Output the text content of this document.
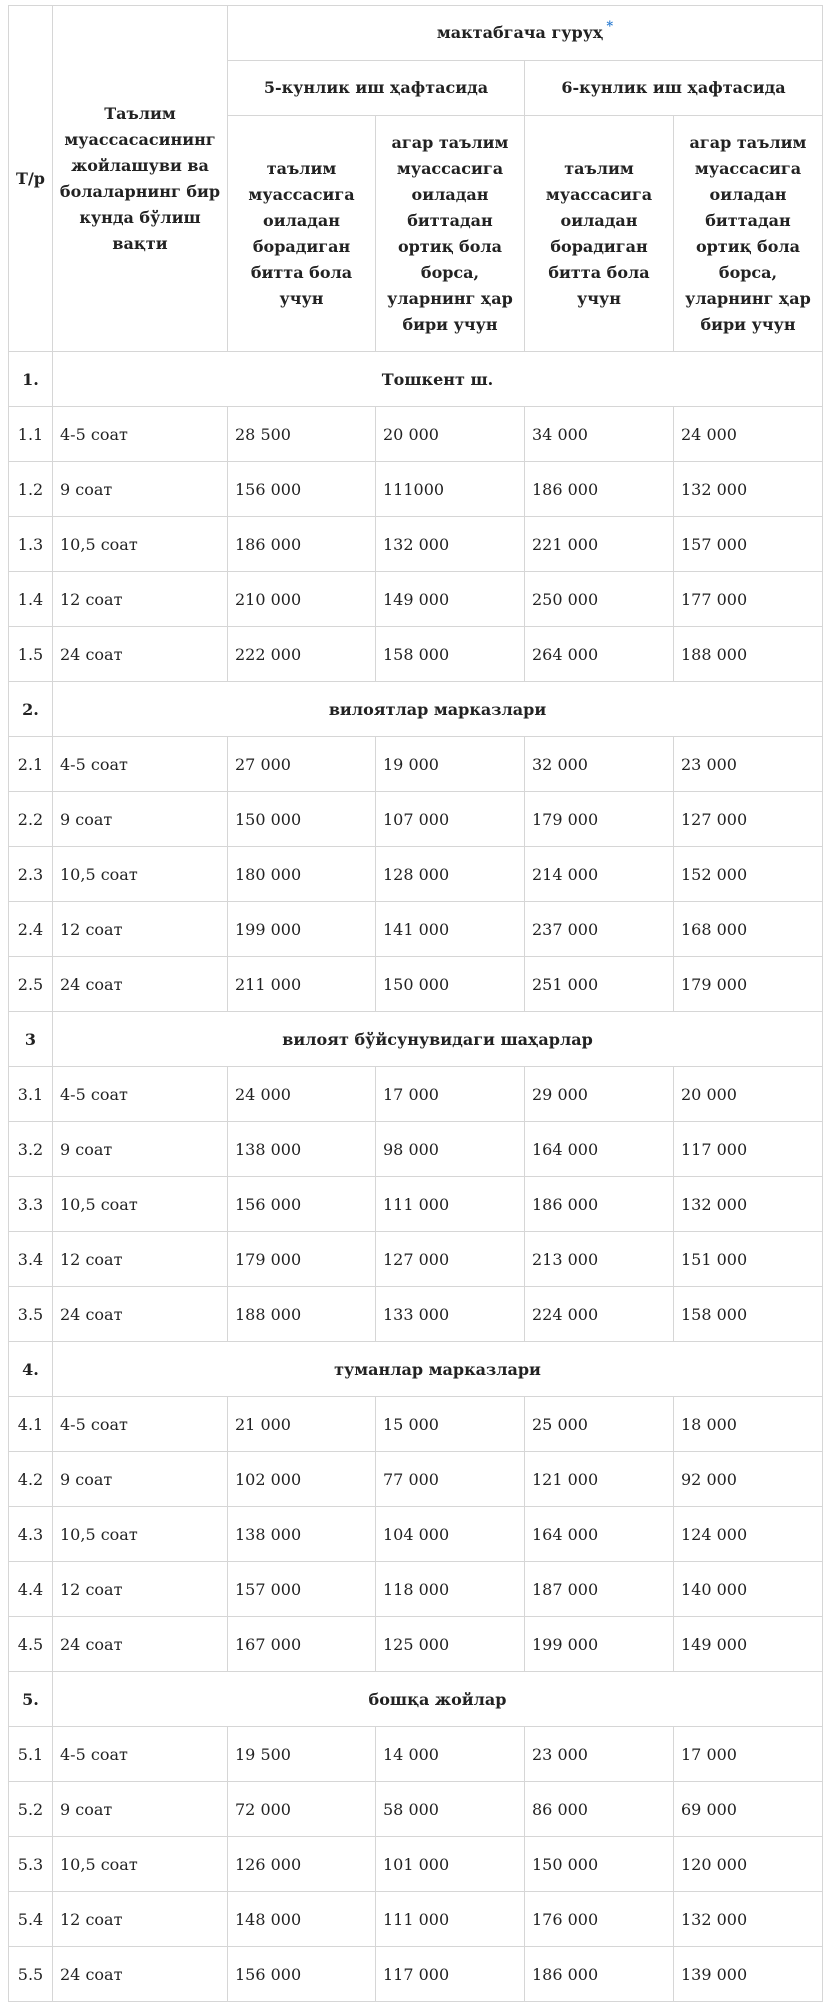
Т/р	Таълим муассасасининг жойлашуви ва болаларнинг бир кунда бўлиш вақти	мактабгача гуруҳ *
		5-кунлик иш ҳафтасида		6-кунлик иш ҳафтасида	
		таълим муассасига оиладан борадиган битта бола учун	агар таълим муассасига оиладан биттадан ортиқ бола борса, уларнинг ҳар бири учун	таълим муассасига оиладан борадиган битта бола учун	агар таълим муассасига оиладан биттадан ортиқ бола борса, уларнинг ҳар бири учун
1.	Тошкент ш.				
1.1	4-5 соат	28 500	20 000	34 000	24 000
1.2	9 соат	156 000	111000	186 000	132 000
1.3	10,5 соат	186 000	132 000	221 000	157 000
1.4	12 соат	210 000	149 000	250 000	177 000
1.5	24 соат	222 000	158 000	264 000	188 000
2.	вилоятлар марказлари				
2.1	4-5 соат	27 000	19 000	32 000	23 000
2.2	9 соат	150 000	107 000	179 000	127 000
2.3	10,5 соат	180 000	128 000	214 000	152 000
2.4	12 соат	199 000	141 000	237 000	168 000
2.5	24 соат	211 000	150 000	251 000	179 000
3	вилоят бўйсунувидаги шаҳарлар				
3.1	4-5 соат	24 000	17 000	29 000	20 000
3.2	9 соат	138 000	98 000	164 000	117 000
3.3	10,5 соат	156 000	111 000	186 000	132 000
3.4	12 соат	179 000	127 000	213 000	151 000
3.5	24 соат	188 000	133 000	224 000	158 000
4.	туманлар марказлари				
4.1	4-5 соат	21 000	15 000	25 000	18 000
4.2	9 соат	102 000	77 000	121 000	92 000
4.3	10,5 соат	138 000	104 000	164 000	124 000
4.4	12 соат	157 000	118 000	187 000	140 000
4.5	24 соат	167 000	125 000	199 000	149 000
5.	бошқа жойлар				
5.1	4-5 соат	19 500	14 000	23 000	17 000
5.2	9 соат	72 000	58 000	86 000	69 000
5.3	10,5 соат	126 000	101 000	150 000	120 000
5.4	12 соат	148 000	111 000	176 000	132 000
5.5	24 соат	156 000	117 000	186 000	139 000
